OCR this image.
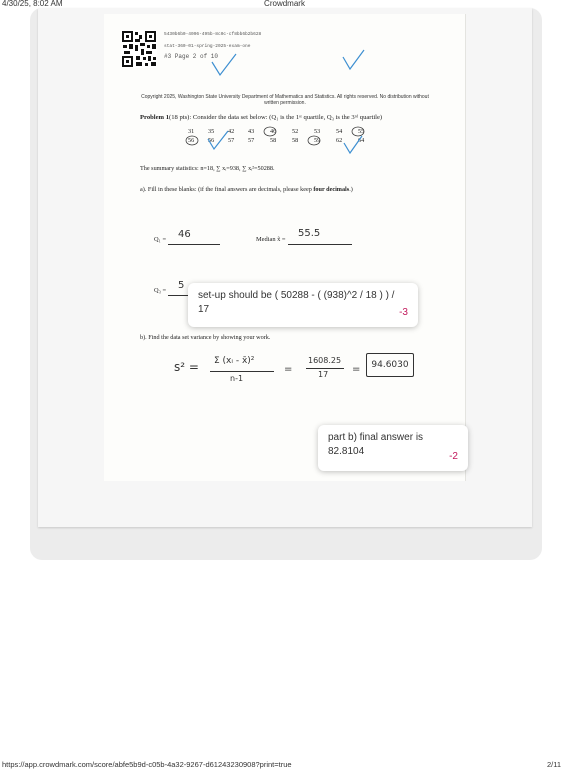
4/30/25, 8:02 AM	Crowdmark
5430b6b0-4096-495b-8c0c-cf8bb6b2b628
stat-360-01-spring-2025-exam-one
#3 Page 2 of 10
Copyright 2025, Washington State University Department of Mathematics and Statistics. All rights reserved. No distribution without written permission.
Problem 1(18 pts): Consider the data set below: (Q₁ is the 1ˢᵗ quartile, Q₃ is the 3ʳᵈ quartile)
31 35 42 43	46	52	53	54	55
56 56 57 57	58	58	59	62	64
The summary statistics: n=18, ∑ xᵢ=938, ∑ xᵢ²=50288.
a). Fill in these blanks: (if the final answers are decimals, please keep four decimals.)
Q₁ = 46	Median x̃ =
55.5
Q₃ = 5
b). Find the data set variance by showing your work.
s² = Σ (xᵢ - x̄)²
n-1
=
1608.25
17 =	94.6030
set-up should be ( 50288 - ( (938)^2 / 18 ) ) / 17	-3
part b) final answer is 82.8104	-2
https://app.crowdmark.com/score/abfe5b9d-c05b-4a32-9267-d61243230908?print=true	2/11
